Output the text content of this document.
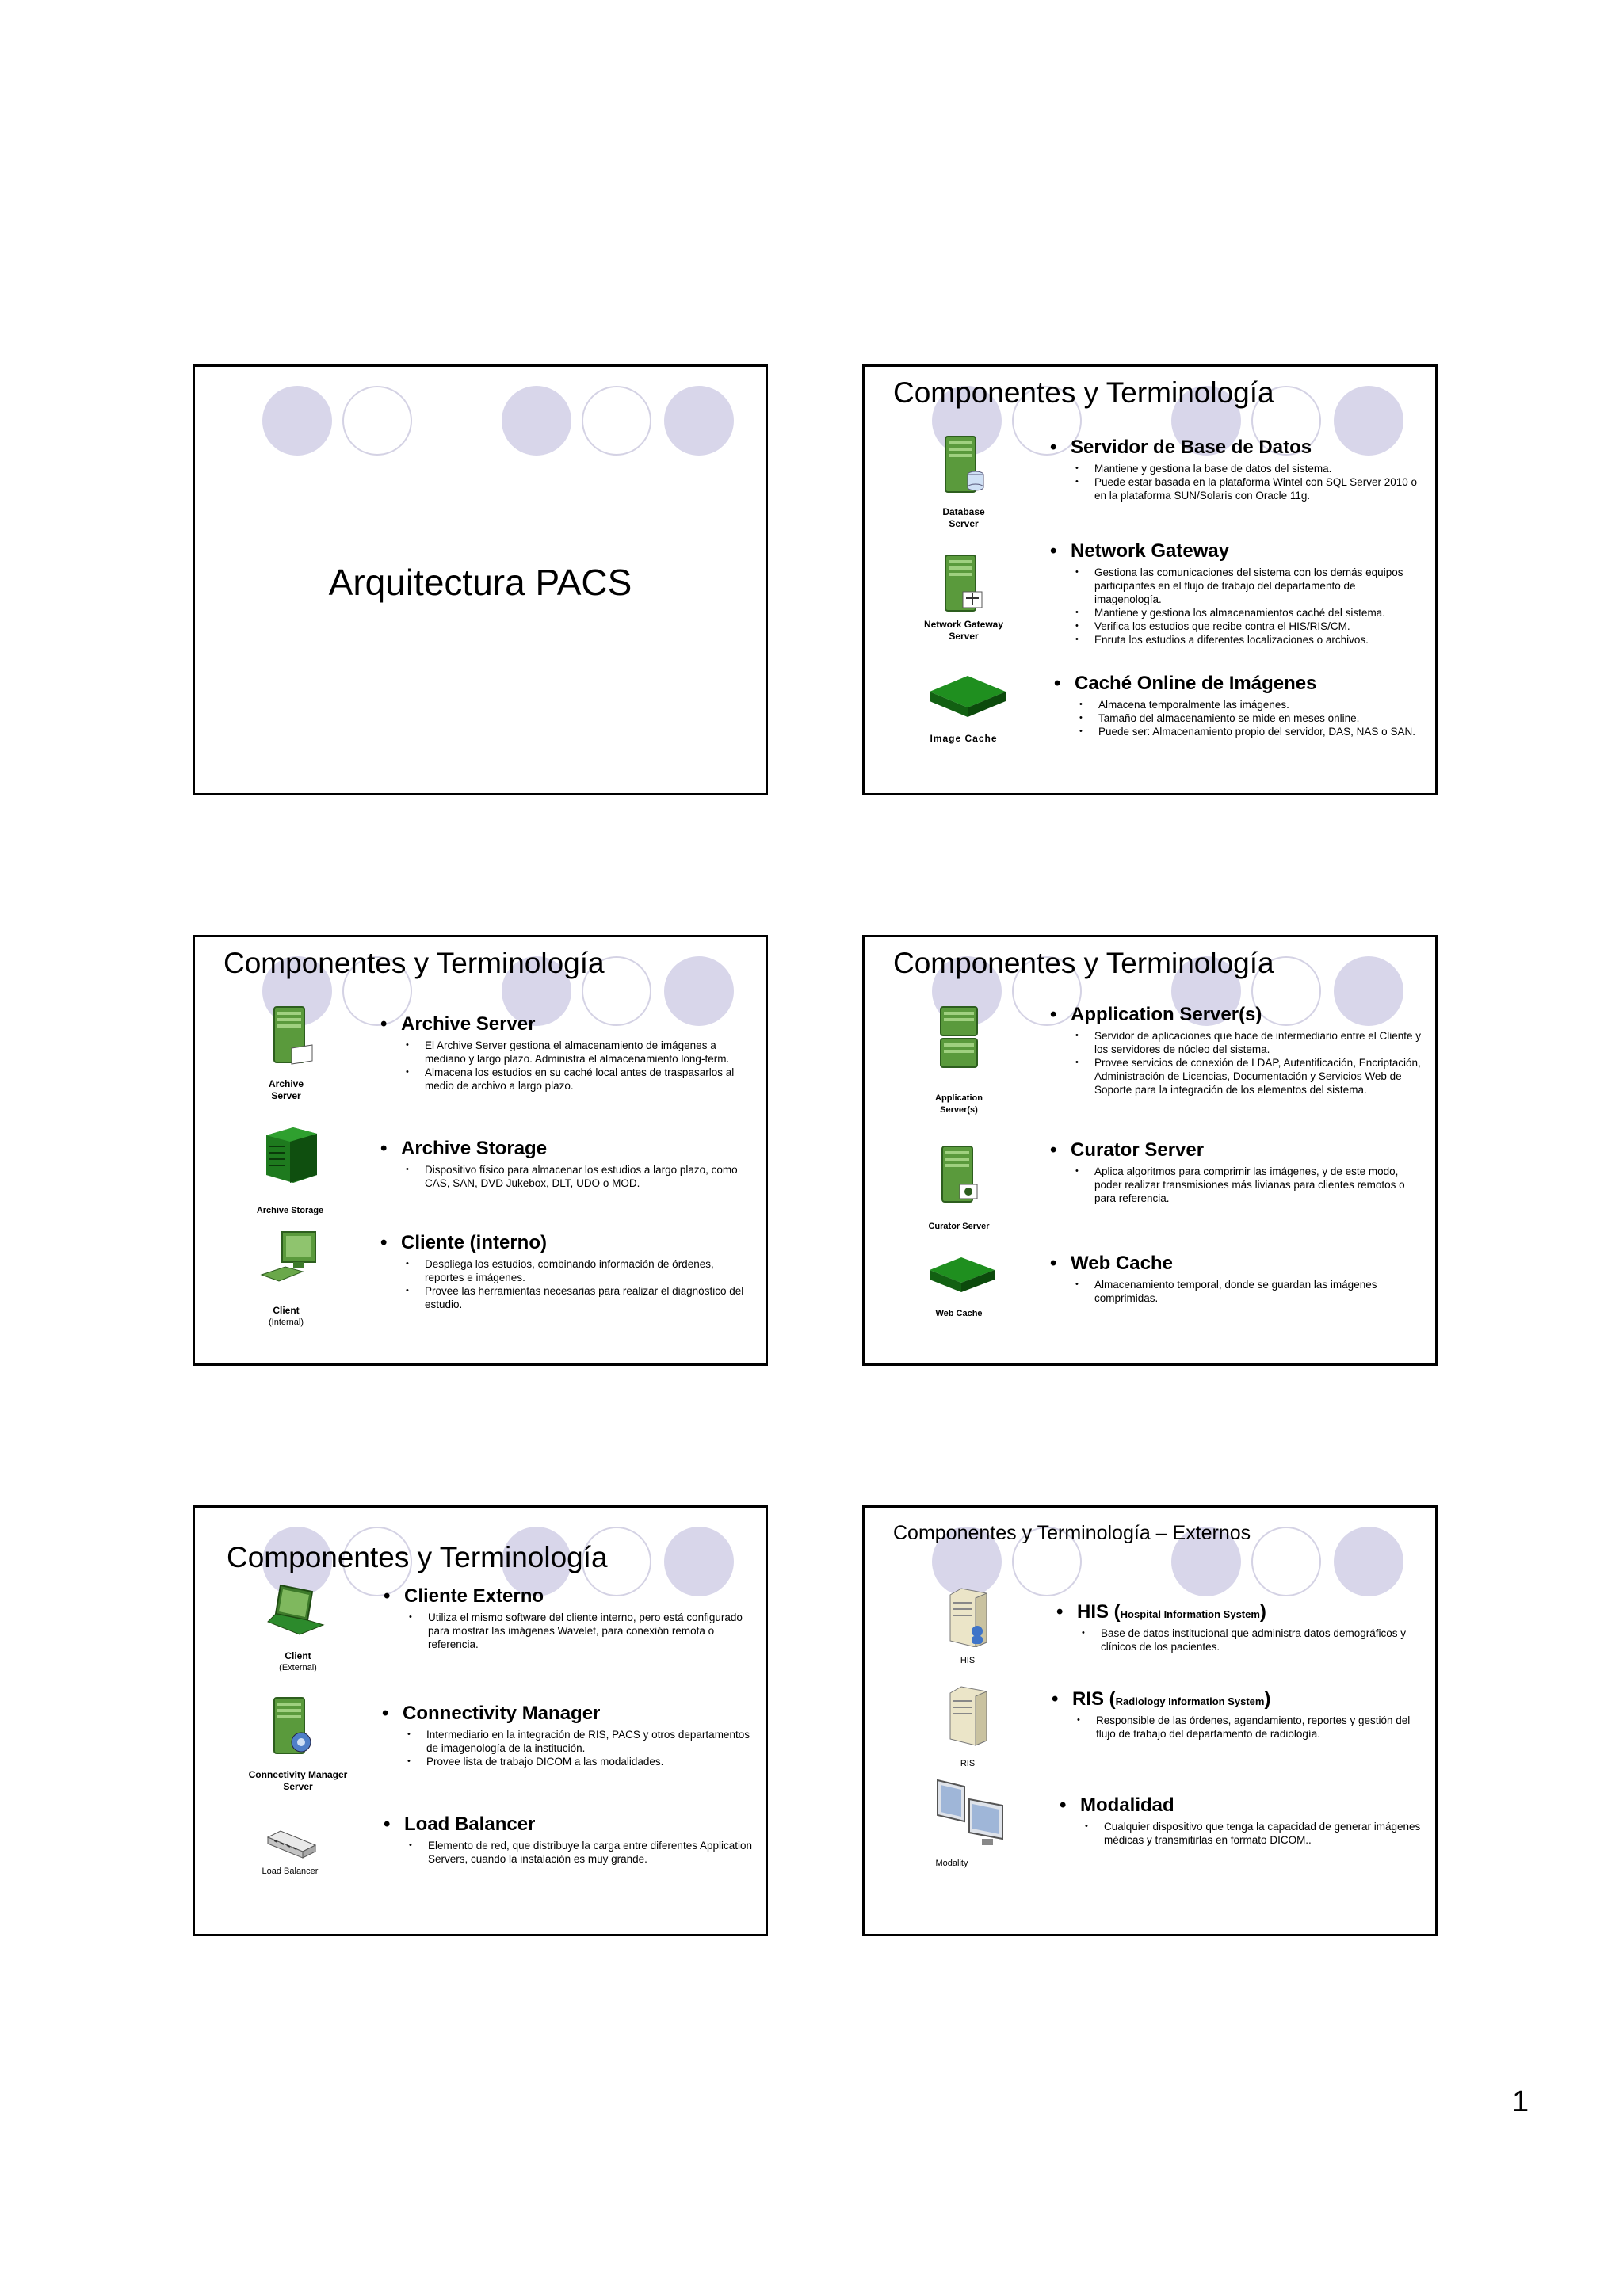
Arquitectura PACS
Componentes y Terminología
Database
Server
Network Gateway
Server
Image Cache
• Servidor de Base de Datos
• Mantiene y gestiona la base de datos del sistema.
• Puede estar basada en la plataforma Wintel con SQL Server 2010 o en la plataforma SUN/Solaris con Oracle 11g.
• Network Gateway
• Gestiona las comunicaciones del sistema con los demás equipos participantes en el flujo de trabajo del departamento de imagenología.
• Mantiene y gestiona los almacenamientos caché del sistema.
• Verifica los estudios que recibe contra el HIS/RIS/CM.
• Enruta los estudios a diferentes localizaciones o archivos.
• Caché Online de Imágenes
• Almacena temporalmente las imágenes.
• Tamaño del almacenamiento se mide en meses online.
• Puede ser: Almacenamiento propio del servidor, DAS, NAS o SAN.
Componentes y Terminología
Archive
Server
Archive Storage
Client
(Internal)
• Archive Server
• El Archive Server gestiona el almacenamiento de imágenes a mediano y largo plazo. Administra el almacenamiento long-term.
• Almacena los estudios en su caché local antes de traspasarlos al medio de archivo a largo plazo.
• Archive Storage
• Dispositivo físico para almacenar los estudios a largo plazo, como CAS, SAN, DVD Jukebox, DLT, UDO o MOD.
• Cliente (interno)
• Despliega los estudios, combinando información de órdenes, reportes e imágenes.
• Provee las herramientas necesarias para realizar el diagnóstico del estudio.
Componentes y Terminología
Application
Server(s)
Curator Server
Web Cache
• Application Server(s)
• Servidor de aplicaciones que hace de intermediario entre el Cliente y los servidores de núcleo del sistema.
• Provee servicios de conexión de LDAP, Autentificación, Encriptación, Administración de Licencias, Documentación y Servicios Web de Soporte para la integración de los elementos del sistema.
• Curator Server
• Aplica algoritmos para comprimir las imágenes, y de este modo, poder realizar transmisiones más livianas para clientes remotos o para referencia.
• Web Cache
• Almacenamiento temporal, donde se guardan las imágenes comprimidas.
Componentes y Terminología
Client
(External)
Connectivity Manager
Server
Load Balancer
• Cliente Externo
• Utiliza el mismo software del cliente interno, pero está configurado para mostrar las imágenes Wavelet, para conexión remota o referencia.
• Connectivity Manager
• Intermediario en la integración de RIS, PACS y otros departamentos de imagenología de la institución.
• Provee lista de trabajo DICOM a las modalidades.
• Load Balancer
• Elemento de red, que distribuye la carga entre diferentes Application Servers, cuando la instalación es muy grande.
Componentes y Terminología – Externos
HIS
RIS
Modality
• HIS (Hospital Information System)
• Base de datos institucional que administra datos demográficos y clínicos de los pacientes.
• RIS (Radiology Information System)
• Responsible de las órdenes, agendamiento, reportes y gestión del flujo de trabajo del departamento de radiología.
• Modalidad
• Cualquier dispositivo que tenga la capacidad de generar imágenes médicas y transmitirlas en formato DICOM..
1
